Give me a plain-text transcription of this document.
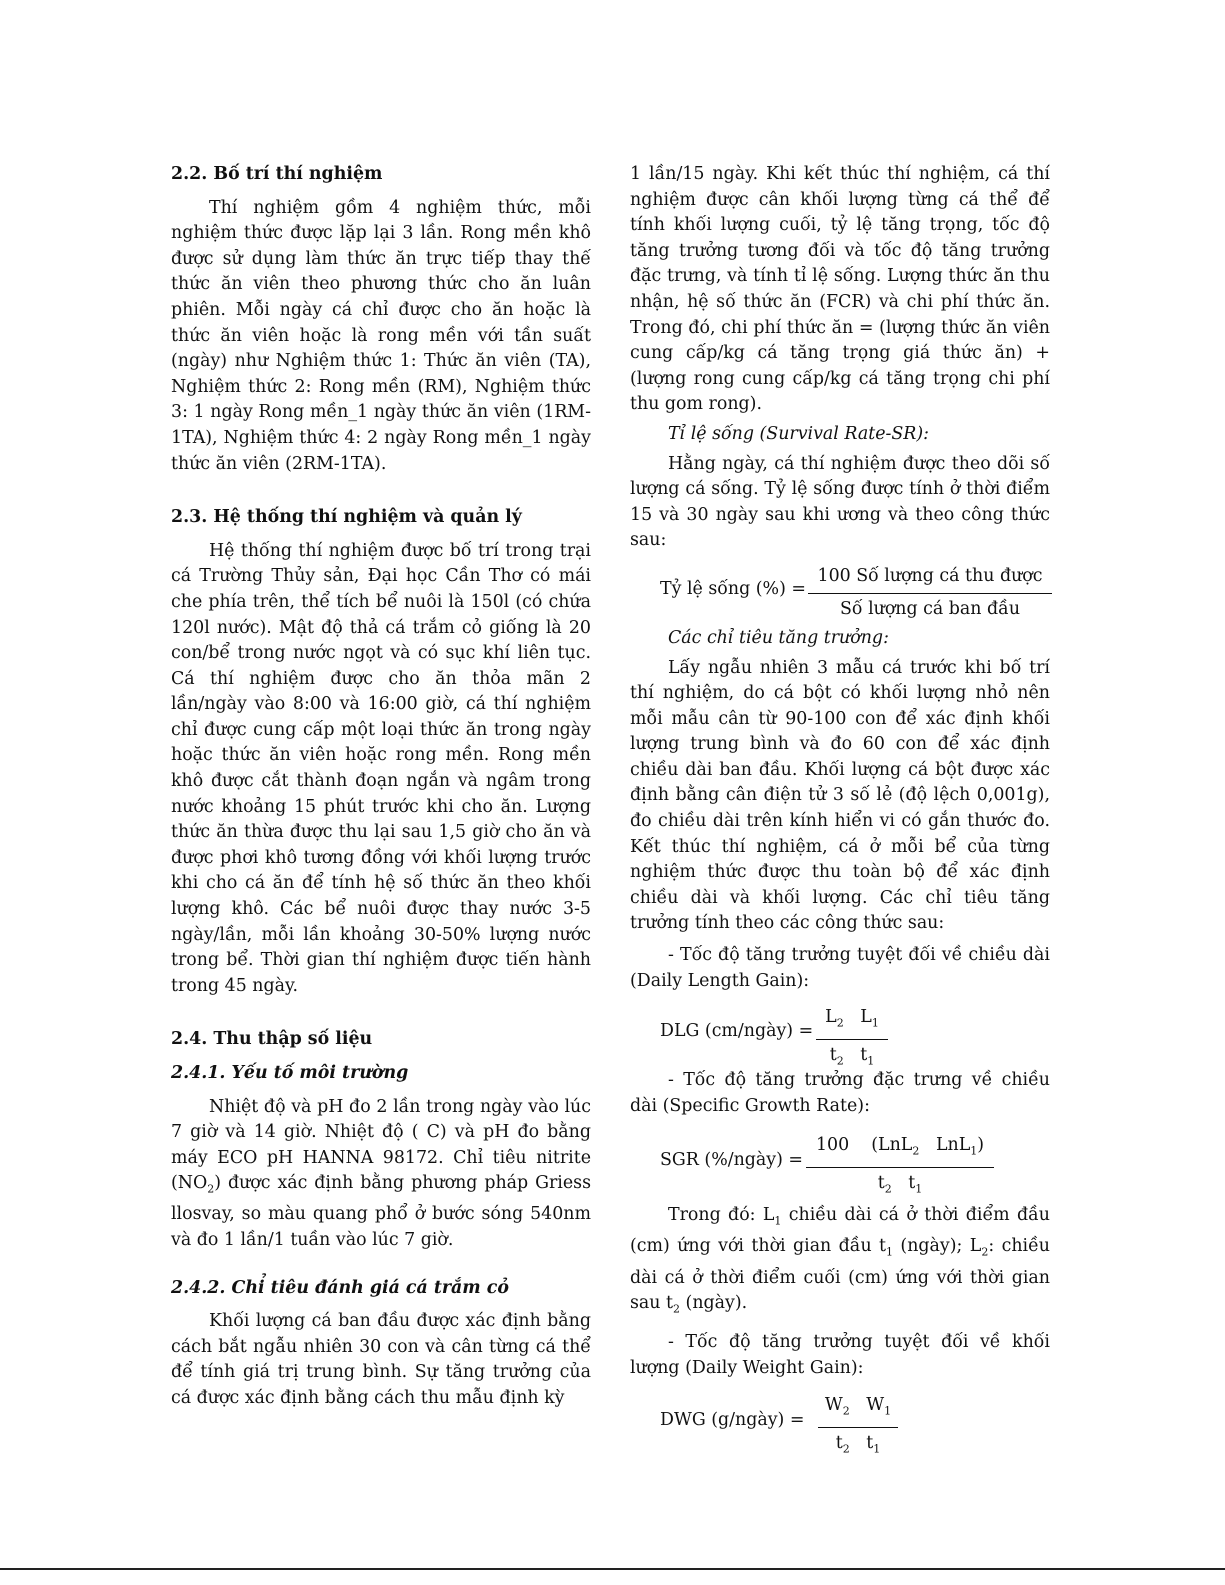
2.2. Bố trí thí nghiệm

Thí nghiệm gồm 4 nghiệm thức, mỗi nghiệm thức được lặp lại 3 lần. Rong mền khô được sử dụng làm thức ăn trực tiếp thay thế thức ăn viên theo phương thức cho ăn luân phiên. Mỗi ngày cá chỉ được cho ăn hoặc là thức ăn viên hoặc là rong mền với tần suất (ngày) như Nghiệm thức 1: Thức ăn viên (TA), Nghiệm thức 2: Rong mền (RM), Nghiệm thức 3: 1 ngày Rong mền_1 ngày thức ăn viên (1RM-1TA), Nghiệm thức 4: 2 ngày Rong mền_1 ngày thức ăn viên (2RM-1TA).

2.3. Hệ thống thí nghiệm và quản lý

Hệ thống thí nghiệm được bố trí trong trại cá Trường Thủy sản, Đại học Cần Thơ có mái che phía trên, thể tích bể nuôi là 150l (có chứa 120l nước). Mật độ thả cá trắm cỏ giống là 20 con/bể trong nước ngọt và có sục khí liên tục. Cá thí nghiệm được cho ăn thỏa mãn 2 lần/ngày vào 8:00 và 16:00 giờ, cá thí nghiệm chỉ được cung cấp một loại thức ăn trong ngày hoặc thức ăn viên hoặc rong mền. Rong mền khô được cắt thành đoạn ngắn và ngâm trong nước khoảng 15 phút trước khi cho ăn. Lượng thức ăn thừa được thu lại sau 1,5 giờ cho ăn và được phơi khô tương đồng với khối lượng trước khi cho cá ăn để tính hệ số thức ăn theo khối lượng khô. Các bể nuôi được thay nước 3-5 ngày/lần, mỗi lần khoảng 30-50% lượng nước trong bể. Thời gian thí nghiệm được tiến hành trong 45 ngày.

2.4. Thu thập số liệu
2.4.1. Yếu tố môi trường

Nhiệt độ và pH đo 2 lần trong ngày vào lúc 7 giờ và 14 giờ. Nhiệt độ ( C) và pH đo bằng máy ECO pH HANNA 98172. Chỉ tiêu nitrite $(NO_2)$ được xác định bằng phương pháp Griess llosvay, so màu quang phổ ở bước sóng 540nm và đo 1 lần/1 tuần vào lúc 7 giờ.

2.4.2. Chỉ tiêu đánh giá cá trắm cỏ

Khối lượng cá ban đầu được xác định bằng cách bắt ngẫu nhiên 30 con và cân từng cá thể để tính giá trị trung bình. Sự tăng trưởng của cá được xác định bằng cách thu mẫu định kỳ

1 lần/15 ngày. Khi kết thúc thí nghiệm, cá thí nghiệm được cân khối lượng từng cá thể để tính khối lượng cuối, tỷ lệ tăng trọng, tốc độ tăng trưởng tương đối và tốc độ tăng trưởng đặc trưng, và tính tỉ lệ sống. Lượng thức ăn thu nhận, hệ số thức ăn (FCR) và chi phí thức ăn. Trong đó, chi phí thức ăn = (lượng thức ăn viên cung cấp/kg cá tăng trọng giá thức ăn) + (lượng rong cung cấp/kg cá tăng trọng chi phí thu gom rong).

Tỉ lệ sống (Survival Rate-SR):

Hằng ngày, cá thí nghiệm được theo dõi số lượng cá sống. Tỷ lệ sống được tính ở thời điểm 15 và 30 ngày sau khi ương và theo công thức sau:

Tỷ lệ sống (%) =
100 Số lượng cá thu được
Số lượng cá ban đầu

Các chỉ tiêu tăng trưởng:

Lấy ngẫu nhiên 3 mẫu cá trước khi bố trí thí nghiệm, do cá bột có khối lượng nhỏ nên mỗi mẫu cân từ 90-100 con để xác định khối lượng trung bình và đo 60 con để xác định chiều dài ban đầu. Khối lượng cá bột được xác định bằng cân điện tử 3 số lẻ (độ lệch 0,001g), đo chiều dài trên kính hiển vi có gắn thước đo. Kết thúc thí nghiệm, cá ở mỗi bể của từng nghiệm thức được thu toàn bộ để xác định chiều dài và khối lượng. Các chỉ tiêu tăng trưởng tính theo các công thức sau:

- Tốc độ tăng trưởng tuyệt đối về chiều dài (Daily Length Gain):

DLG (cm/ngày) = $\frac{L_2 L_1}{t_2 t_1}$

- Tốc độ tăng trưởng đặc trưng về chiều dài (Specific Growth Rate):

SGR (%/ngày) =
100 (LnL$_2$ LnL$_1$)
$t_2$ $t_1$

Trong đó: $L_1$ chiều dài cá ở thời điểm đầu (cm) ứng với thời gian đầu $t_1$ (ngày); $L_2$: chiều dài cá ở thời điểm cuối (cm) ứng với thời gian sau $t_2$ (ngày).

- Tốc độ tăng trưởng tuyệt đối về khối lượng (Daily Weight Gain):

DWG (g/ngày) = $\frac{W_2 W_1}{t_2 t_1}$
